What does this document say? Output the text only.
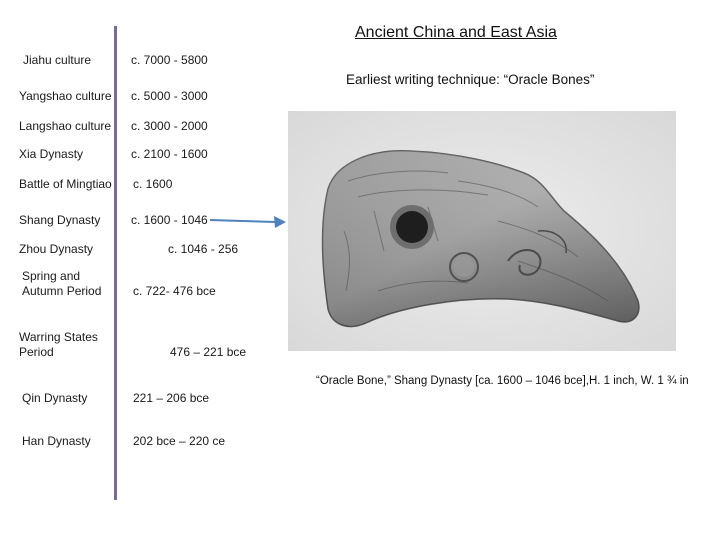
Ancient China and East Asia
Earliest writing technique: “Oracle Bones”
Jiahu culture
Yangshao culture
Langshao culture
Xia Dynasty
Battle of Mingtiao
Shang Dynasty
Zhou Dynasty
Spring and
Autumn Period
Warring States
Period
Qin Dynasty
Han Dynasty
c. 7000 - 5800
c. 5000 - 3000
c. 3000 - 2000
c. 2100 - 1600
c. 1600
c. 1600 - 1046
c. 1046 - 256
c. 722- 476 bce
476 – 221 bce
221 – 206 bce
202 bce – 220 ce
“Oracle Bone,” Shang Dynasty [ca. 1600 – 1046 bce],H. 1 inch, W. 1 ¾ in
